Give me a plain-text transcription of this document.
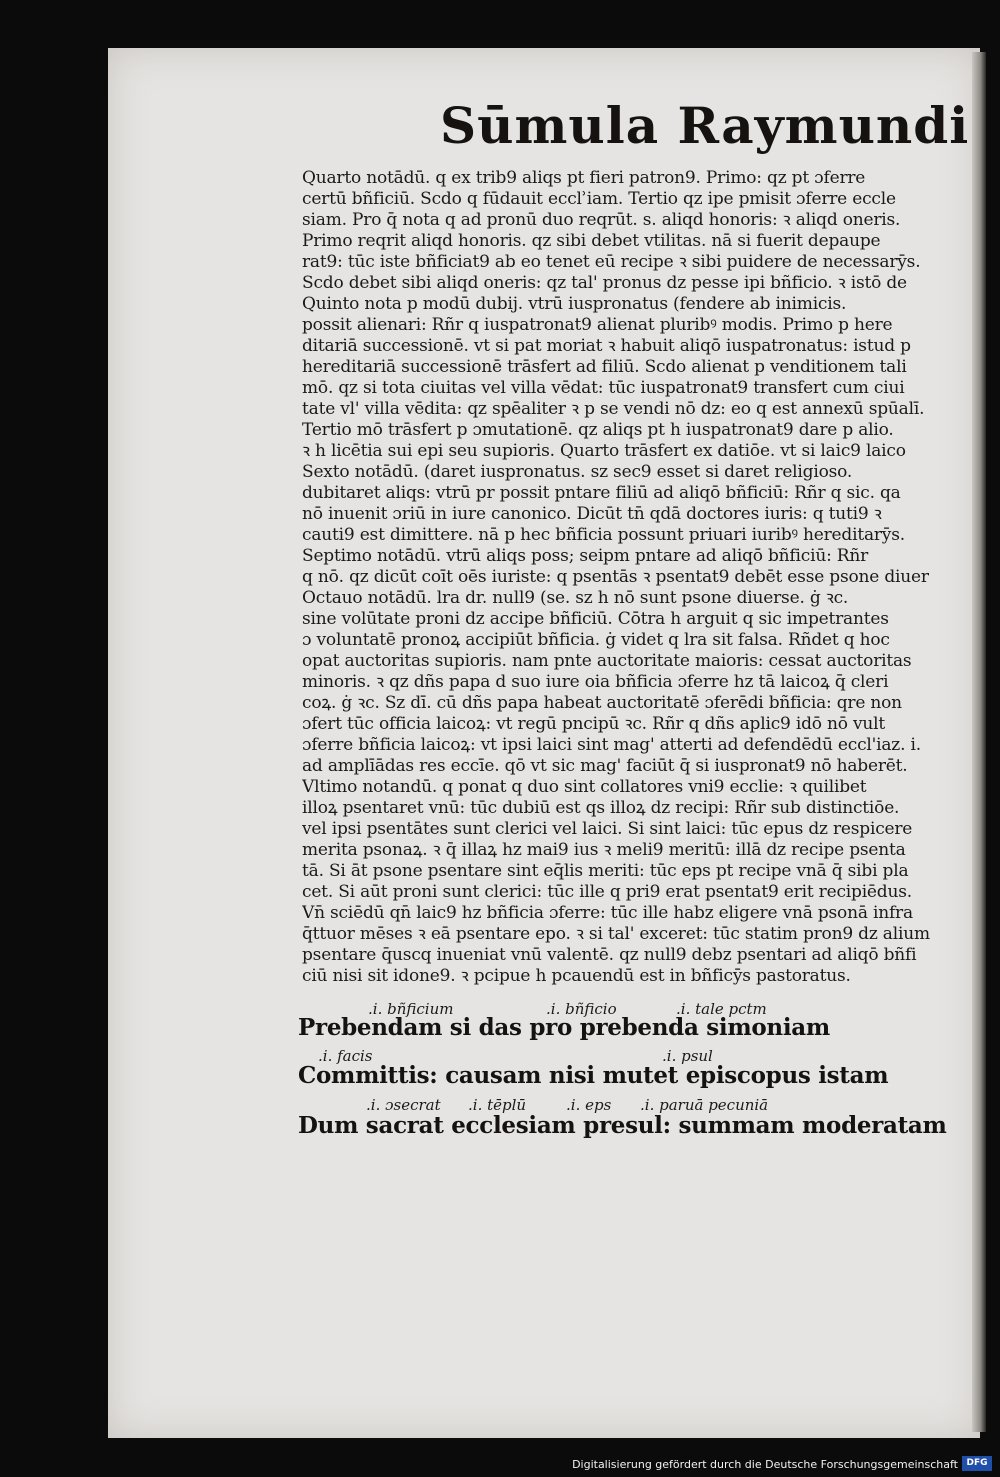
Sūmula Raymundi
Quarto notādū. q ex trib9 aliqs pt fieri patron9. Primo: qz pt ɔferre
certū bñficiū. Scdo q fūdauit ecclʾiam. Tertio qz ipe pmisit ɔferre eccle
siam. Pro q̄ nota q ad pronū duo reqrūt. s. aliqd honoris: ꝛ aliqd oneris.
Primo reqrit aliqd honoris. qz sibi debet vtilitas. nā si fuerit depaupe
rat9: tūc iste bñficiat9 ab eo tenet eū recipe ꝛ sibi puidere de necessarȳs.
Scdo debet sibi aliqd oneris: qz tal' pronus dz pesse ipi bñficio. ꝛ istō de
Quinto nota p modū dubij. vtrū iuspronatus (fendere ab inimicis.
possit alienari: Rñr q iuspatronat9 alienat pluribꝰ modis. Primo p here
ditariā successionē. vt si pat moriat ꝛ habuit aliqō iuspatronatus: istud p
hereditariā successionē trāsfert ad filiū. Scdo alienat p venditionem tali
mō. qz si tota ciuitas vel villa vēdat: tūc iuspatronat9 transfert cum ciui
tate vl' villa vēdita: qz spēaliter ꝛ p se vendi nō dz: eo q est annexū spūalī.
Tertio mō trāsfert p ɔmutationē. qz aliqs pt h iuspatronat9 dare p alio.
ꝛ h licētia sui epi seu supioris. Quarto trāsfert ex datiōe. vt si laic9 laico
Sexto notādū. (daret iuspronatus. sz sec9 esset si daret religioso.
dubitaret aliqs: vtrū pr possit pntare filiū ad aliqō bñficiū: Rñr q sic. qa
nō inuenit ɔriū in iure canonico. Dicūt tn̄ qdā doctores iuris: q tuti9 ꝛ
cauti9 est dimittere. nā p hec bñficia possunt priuari iuribꝰ hereditarȳs.
Septimo notādū. vtrū aliqs poss; seipm pntare ad aliqō bñficiū: Rñr
q nō. qz dicūt coīt oēs iuriste: q psentās ꝛ psentat9 debēt esse psone diuer
Octauo notādū. lra dr. null9 (se. sz h nō sunt psone diuerse. ġ ꝛc.
sine volūtate proni dz accipe bñficiū. Cōtra h arguit q sic impetrantes
ɔ voluntatē pronoꝝ accipiūt bñficia. ġ videt q lra sit falsa. Rñdet q hoc
opat auctoritas supioris. nam pnte auctoritate maioris: cessat auctoritas
minoris. ꝛ qz dñs papa d suo iure oia bñficia ɔferre hz tā laicoꝝ q̄ cleri
coꝝ. ġ ꝛc. Sz dī. cū dñs papa habeat auctoritatē ɔferēdi bñficia: qre non
ɔfert tūc officia laicoꝝ: vt regū pncipū ꝛc. Rñr q dñs aplic9 idō nō vult
ɔferre bñficia laicoꝝ: vt ipsi laici sint mag' atterti ad defendēdū eccl'iaz. i.
ad amplīādas res eccīe. qō vt sic mag' faciūt q̄ si iuspronat9 nō haberēt.
Vltimo notandū. q ponat q duo sint collatores vni9 ecclie: ꝛ quilibet
illoꝝ psentaret vnū: tūc dubiū est qs illoꝝ dz recipi: Rñr sub distinctiōe.
vel ipsi psentātes sunt clerici vel laici. Si sint laici: tūc epus dz respicere
merita psonaꝝ. ꝛ q̄ illaꝝ hz mai9 ius ꝛ meli9 meritū: illā dz recipe psenta
tā. Si āt psone psentare sint eq̄lis meriti: tūc eps pt recipe vnā q̄ sibi pla
cet. Si aūt proni sunt clerici: tūc ille q pri9 erat psentat9 erit recipiēdus.
Vn̄ sciēdū qn̄ laic9 hz bñficia ɔferre: tūc ille habz eligere vnā psonā infra
q̄ttuor mēses ꝛ eā psentare epo. ꝛ si tal' exceret: tūc statim pron9 dz alium
psentare q̄uscq inueniat vnū valentē. qz null9 debz psentari ad aliqō bñfi
ciū nisi sit idone9. ꝛ pcipue h pcauendū est in bñficȳs pastoratus.
.i. bñficium	.i. bñficio	.i. tale pctm
Prebendam si das pro prebenda simoniam
.i. facis	.i. psul
Committis: causam nisi mutet episcopus istam
.i. ɔsecrat .i. tēplū	.i. eps .i. paruā pecuniā
Dum sacrat ecclesiam presul: summam moderatam
Digitalisierung gefördert durch die Deutsche Forschungsgemeinschaft DFG
